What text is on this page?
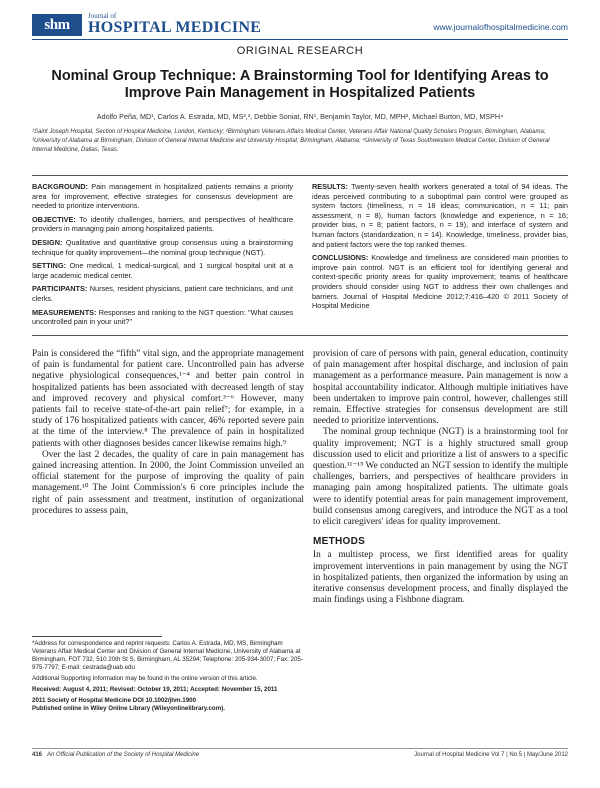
shm
Journal of
HOSPITAL MEDICINE	www.journalofhospitalmedicine.com
ORIGINAL RESEARCH
Nominal Group Technique: A Brainstorming Tool for Identifying Areas to Improve Pain Management in Hospitalized Patients
Adolfo Peña, MD¹, Carlos A. Estrada, MD, MS²,³, Debbie Soniat, RN¹, Benjamin Taylor, MD, MPH², Michael Burton, MD, MSPH⁴
¹Saint Joseph Hospital, Section of Hospital Medicine, London, Kentucky; ²Birmingham Veterans Affairs Medical Center, Veterans Affair National Quality Scholars Program, Birmingham, Alabama; ³University of Alabama at Birmingham, Division of General Internal Medicine and University Hospital, Birmingham, Alabama; ⁴University of Texas Southwestern Medical Center, Division of General Internal Medicine, Dallas, Texas.

BACKGROUND: Pain management in hospitalized patients remains a priority area for improvement; effective strategies for consensus development are needed to prioritize interventions.

OBJECTIVE: To identify challenges, barriers, and perspectives of healthcare providers in managing pain among hospitalized patients.

DESIGN: Qualitative and quantitative group consensus using a brainstorming technique for quality improvement—the nominal group technique (NGT).

SETTING: One medical, 1 medical-surgical, and 1 surgical hospital unit at a large academic medical center.

PARTICIPANTS: Nurses, resident physicians, patient care technicians, and unit clerks.

MEASUREMENTS: Responses and ranking to the NGT question: "What causes uncontrolled pain in your unit?"

RESULTS: Twenty-seven health workers generated a total of 94 ideas. The ideas perceived contributing to a suboptimal pain control were grouped as system factors (timeliness, n = 18 ideas; communication, n = 11; pain assessment, n = 8), human factors (knowledge and experience, n = 16; provider bias, n = 8; patient factors, n = 19), and interface of system and human factors (standardization, n = 14). Knowledge, timeliness, provider bias, and patient factors were the top ranked themes.

CONCLUSIONS: Knowledge and timeliness are considered main priorities to improve pain control. NGT is an efficient tool for identifying general and context-specific priority areas for quality improvement; teams of healthcare providers should consider using NGT to address their own challenges and barriers. Journal of Hospital Medicine 2012;7:416–420 © 2011 Society of Hospital Medicine

Pain is considered the “fifth” vital sign, and the appropriate management of pain is fundamental for patient care. Uncontrolled pain has adverse negative physiological consequences,¹⁻⁴ and better pain control in hospitalized patients has been associated with decreased length of stay and improved recovery and physical comfort.³⁻⁶ However, many patients fail to receive state-of-the-art pain relief⁷; for example, in a study of 176 hospitalized patients with cancer, 46% reported severe pain at the time of the interview.⁸ The prevalence of pain in hospitalized patients with other diagnoses besides cancer likewise remains high.⁹

Over the last 2 decades, the quality of care in pain management has gained increasing attention. In 2000, the Joint Commission unveiled an official statement for the purpose of improving the quality of pain management.¹⁰ The Joint Commission's 6 core principles include the right of pain assessment and treatment, institution of organizational procedures to assess pain,

provision of care of persons with pain, general education, continuity of pain management after hospital discharge, and inclusion of pain management as a performance measure. Pain management is now a hospital accountability indicator. Although multiple initiatives have been undertaken to improve pain control, however, challenges still remain. Effective strategies for consensus development are still needed to prioritize interventions.

The nominal group technique (NGT) is a brainstorming tool for quality improvement; NGT is a highly structured small group discussion used to elicit and prioritize a list of answers to a specific question.¹¹⁻¹⁵ We conducted an NGT session to identify the multiple challenges, barriers, and perspectives of healthcare providers in managing pain among hospitalized patients. The ultimate goals were to identify potential areas for pain management improvement, build consensus among caregivers, and introduce the NGT as a tool to elicit caregivers' ideas for quality improvement.

METHODS

In a multistep process, we first identified areas for quality improvement interventions in pain management by using the NGT in hospitalized patients, then organized the information by using an iterative consensus development process, and finally displayed the main findings using a Fishbone diagram.

*Address for correspondence and reprint requests: Carlos A. Estrada, MD, MS, Birmingham Veterans Affair Medical Center and Division of General Internal Medicine, University of Alabama at Birmingham, FOT 732, 510 20th St S, Birmingham, AL 35294; Telephone: 205-934-3007; Fax: 205-975-7797; E-mail: cestrada@uab.edu

Additional Supporting Information may be found in the online version of this article.

Received: August 4, 2011; Revised: October 19, 2011; Accepted: November 15, 2011

2011 Society of Hospital Medicine DOI 10.1002/jhm.1900

Published online in Wiley Online Library (Wileyonlinelibrary.com).

416 An Official Publication of the Society of Hospital Medicine	Journal of Hospital Medicine Vol 7 | No 5 | May/June 2012
